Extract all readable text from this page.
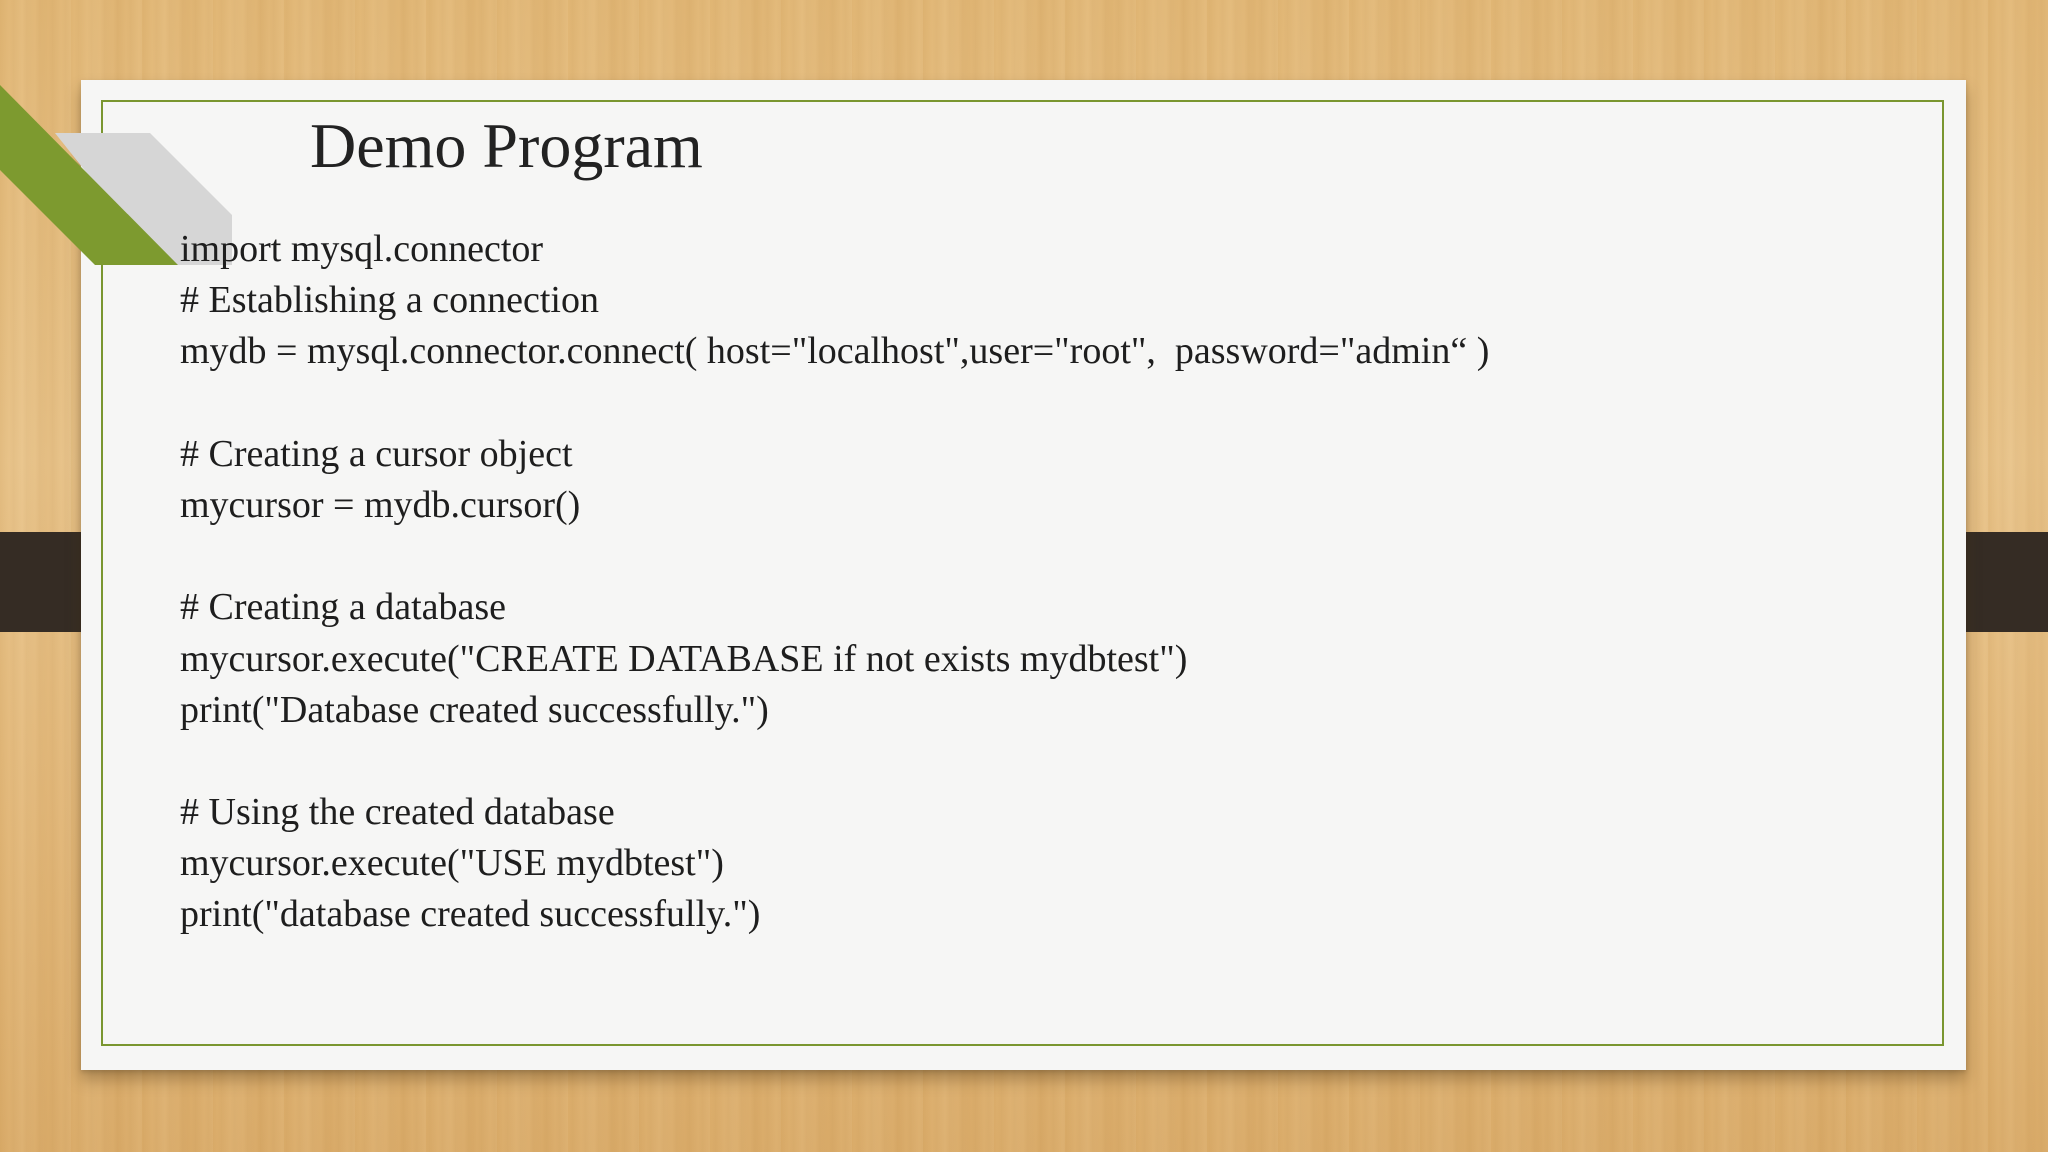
Demo Program
import mysql.connector
# Establishing a connection
mydb = mysql.connector.connect( host="localhost",user="root",  password="admin“ )
# Creating a cursor object
mycursor = mydb.cursor()
# Creating a database
mycursor.execute("CREATE DATABASE if not exists mydbtest")
print("Database created successfully.")
# Using the created database
mycursor.execute("USE mydbtest")
print("database created successfully.")
